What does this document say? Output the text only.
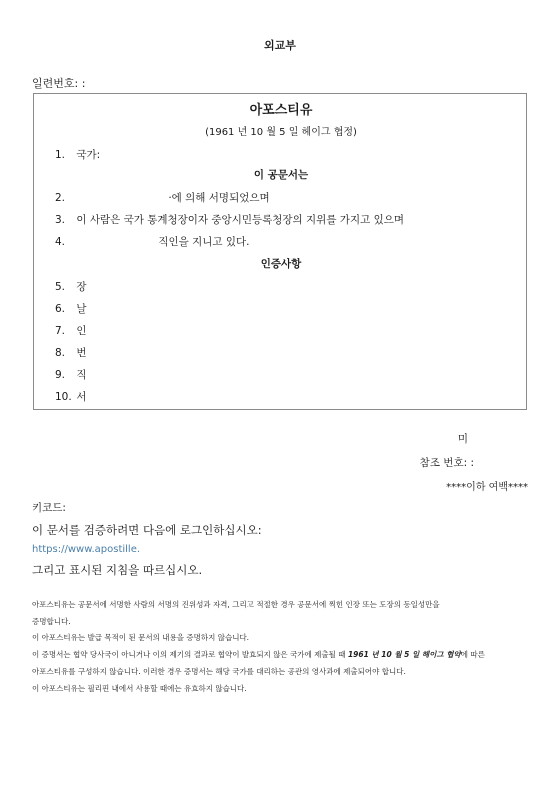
외교부
일련번호: :
아포스티유
(1961 년 10 월 5 일 헤이그 협정)
1. 국가:
이 공문서는
2.	·에 의해 서명되었으며
3. 이 사람은 국가 통계청장이자 중앙시민등록청장의 지위를 가지고 있으며
4.	직인을 지니고 있다.
인증사항
5. 장
6. 날
7. 인
8. 번
9. 직
10. 서
미
참조 번호: :
****이하 여백****
키코드:
이 문서를 검증하려면 다음에 로그인하십시오:
https://www.apostille.
그리고 표시된 지침을 따르십시오.
아포스티유는 공문서에 서명한 사람의 서명의 진위성과 자격, 그리고 적절한 경우 공문서에 찍힌 인장 또는 도장의 동일성만을
증명합니다.
이 아포스티유는 발급 목적이 된 문서의 내용을 증명하지 않습니다.
이 증명서는 협약 당사국이 아니거나 이의 제기의 결과로 협약이 발효되지 않은 국가에 제출될 때 1961 년 10 월 5 일 헤이그 협약에 따른
아포스티유를 구성하지 않습니다. 이러한 경우 증명서는 해당 국가를 대리하는 공관의 영사과에 제출되어야 합니다.
이 아포스티유는 필리핀 내에서 사용할 때에는 유효하지 않습니다.
